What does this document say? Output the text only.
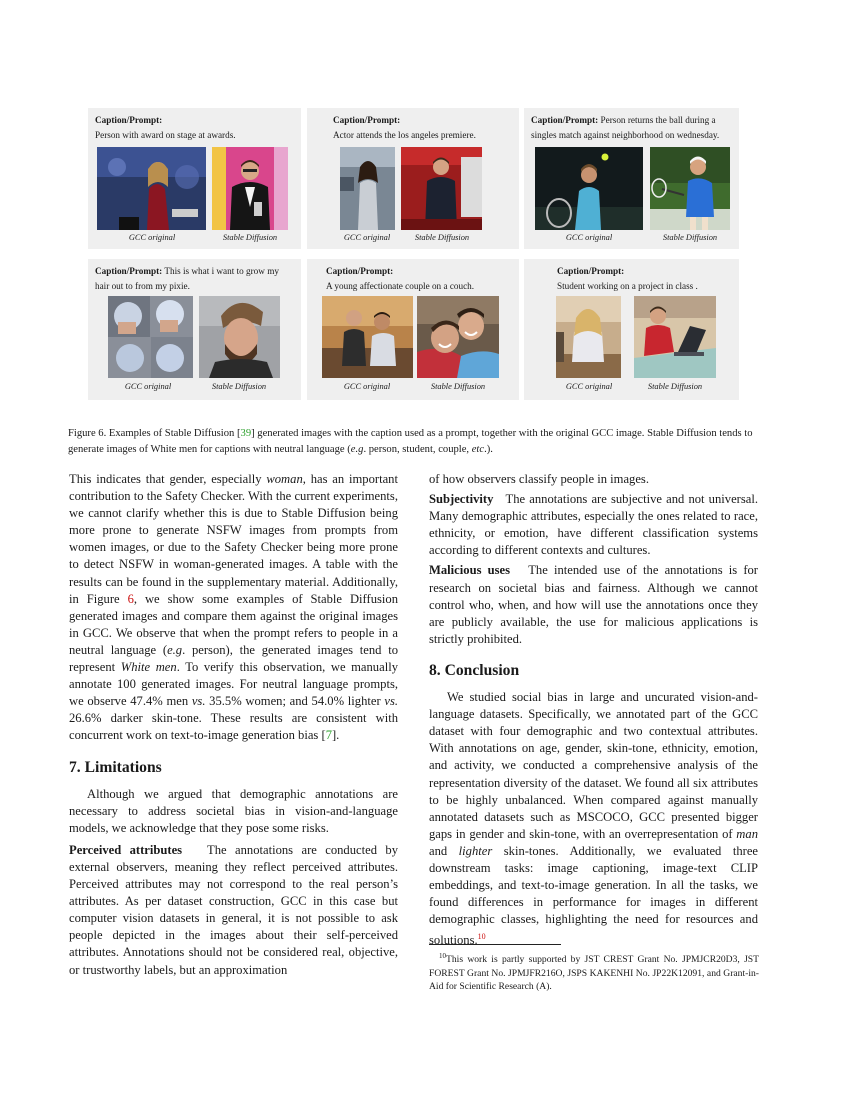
Caption/Prompt:
Person with award on stage at awards.
GCC original	Stable Diffusion
Caption/Prompt:
Actor attends the los angeles premiere.
GCC original	Stable Diffusion
Caption/Prompt: Person returns the ball during a singles match against neighborhood on wednesday.
GCC original	Stable Diffusion
Caption/Prompt: This is what i want to grow my hair out to from my pixie.
GCC original	Stable Diffusion
Caption/Prompt:
A young affectionate couple on a couch.
GCC original	Stable Diffusion
Caption/Prompt:
Student working on a project in class .
GCC original	Stable Diffusion
Figure 6. Examples of Stable Diffusion [39] generated images with the caption used as a prompt, together with the original GCC image. Stable Diffusion tends to generate images of White men for captions with neutral language (e.g. person, student, couple, etc.).

This indicates that gender, especially woman, has an important contribution to the Safety Checker. With the current experiments, we cannot clarify whether this is due to Stable Diffusion being more prone to generate NSFW images from prompts from women images, or due to the Safety Checker being more prone to detect NSFW in woman-generated images. A table with the results can be found in the supplementary material. Additionally, in Figure 6, we show some examples of Stable Diffusion generated images and compare them against the original images in GCC. We observe that when the prompt refers to people in a neutral language (e.g. person), the generated images tend to represent White men. To verify this observation, we manually annotate 100 generated images. For neutral language prompts, we observe 47.4% men vs. 35.5% women; and 54.0% lighter vs. 26.6% darker skin-tone. These results are consistent with concurrent work on text-to-image generation bias [7].

7. Limitations

Although we argued that demographic annotations are necessary to address societal bias in vision-and-language models, we acknowledge that they pose some risks.

Perceived attributes The annotations are conducted by external observers, meaning they reflect perceived attributes. Perceived attributes may not correspond to the real person’s attributes. As per dataset construction, GCC in this case but computer vision datasets in general, it is not possible to ask people depicted in the images about their self-perceived attributes. Annotations should not be considered real, objective, or trustworthy labels, but an approximation

of how observers classify people in images.

Subjectivity The annotations are subjective and not universal. Many demographic attributes, especially the ones related to race, ethnicity, or emotion, have different classification systems according to different contexts and cultures.

Malicious uses The intended use of the annotations is for research on societal bias and fairness. Although we cannot control who, when, and how will use the annotations once they are publicly available, the use for malicious applications is strictly prohibited.

8. Conclusion

We studied social bias in large and uncurated vision-and-language datasets. Specifically, we annotated part of the GCC dataset with four demographic and two contextual attributes. With annotations on age, gender, skin-tone, ethnicity, emotion, and activity, we conducted a comprehensive analysis of the representation diversity of the dataset. We found all six attributes to be highly unbalanced. When compared against manually annotated datasets such as MSCOCO, GCC presented bigger gaps in gender and skin-tone, with an overrepresentation of man and lighter skin-tones. Additionally, we evaluated three downstream tasks: image captioning, image-text CLIP embeddings, and text-to-image generation. In all the tasks, we found differences in performance for images in different demographic classes, highlighting the need for resources and solutions.$^{10}$

$^{10}$This work is partly supported by JST CREST Grant No. JPMJCR20D3, JST FOREST Grant No. JPMJFR216O, JSPS KAKENHI No. JP22K12091, and Grant-in-Aid for Scientific Research (A).
